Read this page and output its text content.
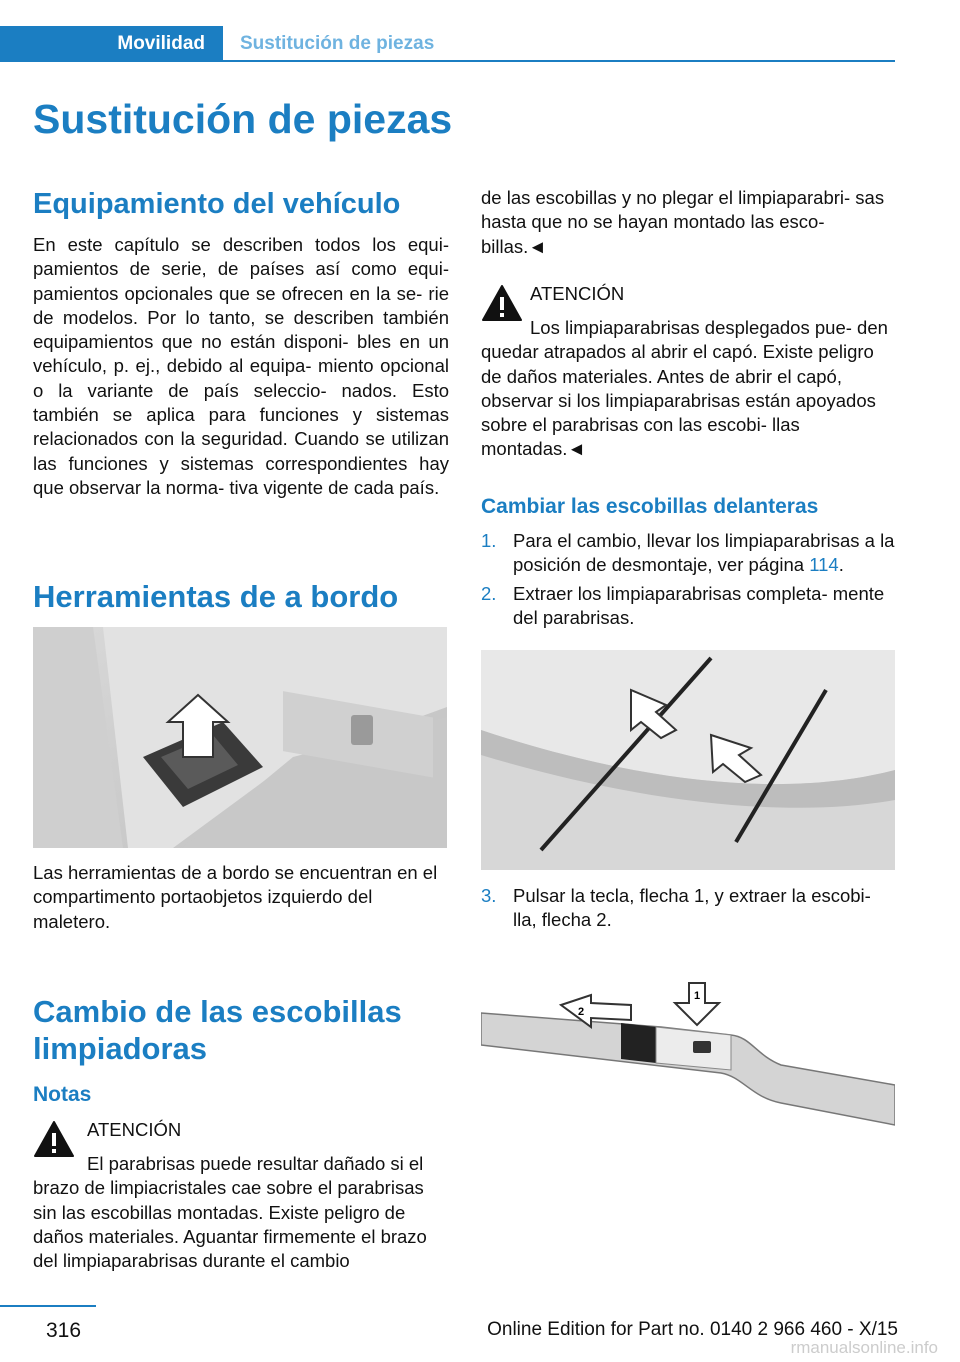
Movilidad	Sustitución de piezas
Sustitución de piezas
Equipamiento del vehículo

En este capítulo se describen todos los equi- pamientos de serie, de países así como equi- pamientos opcionales que se ofrecen en la se- rie de modelos. Por lo tanto, se describen también equipamientos que no están disponi- bles en un vehículo, p. ej., debido al equipa- miento opcional o la variante de país seleccio- nados. Esto también se aplica para funciones y sistemas relacionados con la seguridad. Cuando se utilizan las funciones y sistemas correspondientes hay que observar la norma- tiva vigente de cada país.

Herramientas de a bordo

Las herramientas de a bordo se encuentran en el compartimento portaobjetos izquierdo del maletero.

Cambio de las escobillas limpiadoras
Notas

ATENCIÓN

El parabrisas puede resultar dañado si el brazo de limpiacristales cae sobre el parabrisas sin las escobillas montadas. Existe peligro de daños materiales. Aguantar firmemente el brazo del limpiaparabrisas durante el cambio

de las escobillas y no plegar el limpiaparabri- sas hasta que no se hayan montado las esco- billas.◄

ATENCIÓN

Los limpiaparabrisas desplegados pue- den quedar atrapados al abrir el capó. Existe peligro de daños materiales. Antes de abrir el capó, observar si los limpiaparabrisas están apoyados sobre el parabrisas con las escobi- llas montadas.◄

Cambiar las escobillas delanteras
1. Para el cambio, llevar los limpiaparabrisas a la posición de desmontaje, ver página 114.
2. Extraer los limpiaparabrisas completa- mente del parabrisas.
3. Pulsar la tecla, flecha 1, y extraer la escobi- lla, flecha 2.
1
2
316	Online Edition for Part no. 0140 2 966 460 - X/15
rmanualsonline.info
